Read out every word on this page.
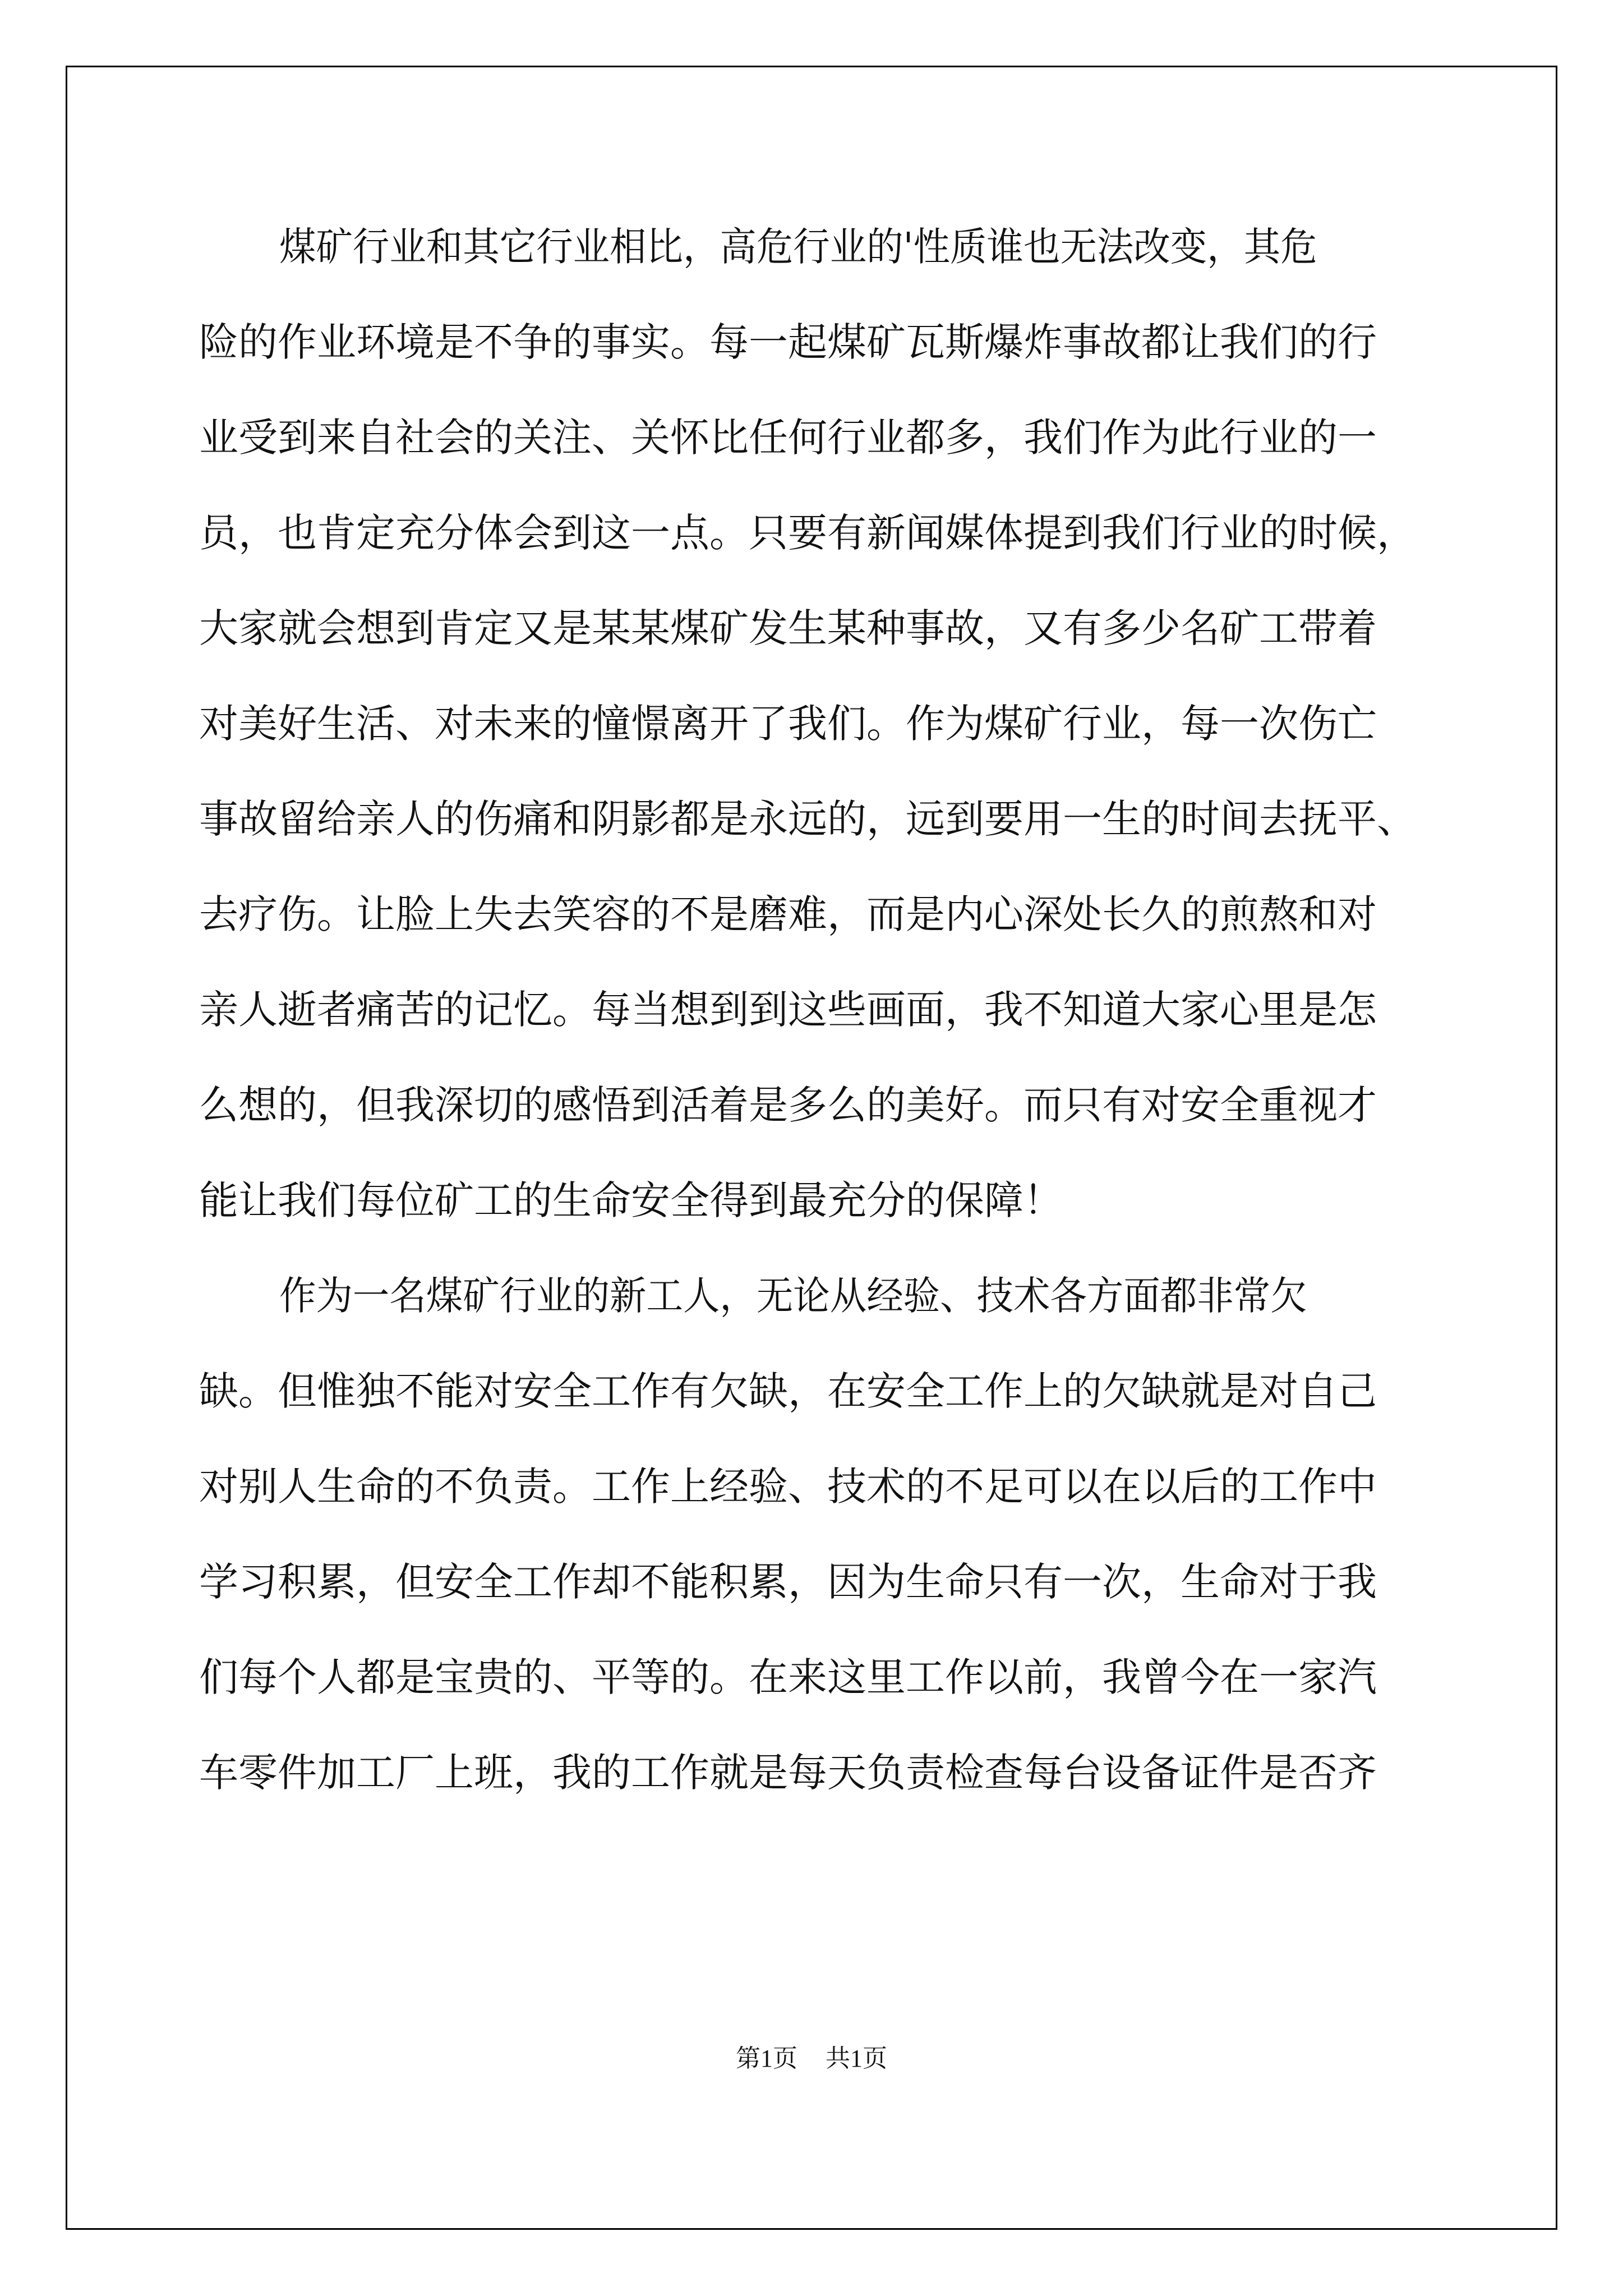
煤矿行业和其它行业相比，高危行业的'性质谁也无法改变，其危
险的作业环境是不争的事实。每一起煤矿瓦斯爆炸事故都让我们的行
业受到来自社会的关注、关怀比任何行业都多，我们作为此行业的一
员，也肯定充分体会到这一点。只要有新闻媒体提到我们行业的时候，
大家就会想到肯定又是某某煤矿发生某种事故，又有多少名矿工带着
对美好生活、对未来的憧憬离开了我们。作为煤矿行业，每一次伤亡
事故留给亲人的伤痛和阴影都是永远的，远到要用一生的时间去抚平、
去疗伤。让脸上失去笑容的不是磨难，而是内心深处长久的煎熬和对
亲人逝者痛苦的记忆。每当想到到这些画面，我不知道大家心里是怎
么想的，但我深切的感悟到活着是多么的美好。而只有对安全重视才
能让我们每位矿工的生命安全得到最充分的保障！
作为一名煤矿行业的新工人，无论从经验、技术各方面都非常欠
缺。但惟独不能对安全工作有欠缺，在安全工作上的欠缺就是对自己
对别人生命的不负责。工作上经验、技术的不足可以在以后的工作中
学习积累，但安全工作却不能积累，因为生命只有一次，生命对于我
们每个人都是宝贵的、平等的。在来这里工作以前，我曾今在一家汽
车零件加工厂上班，我的工作就是每天负责检查每台设备证件是否齐
第1页 共1页
